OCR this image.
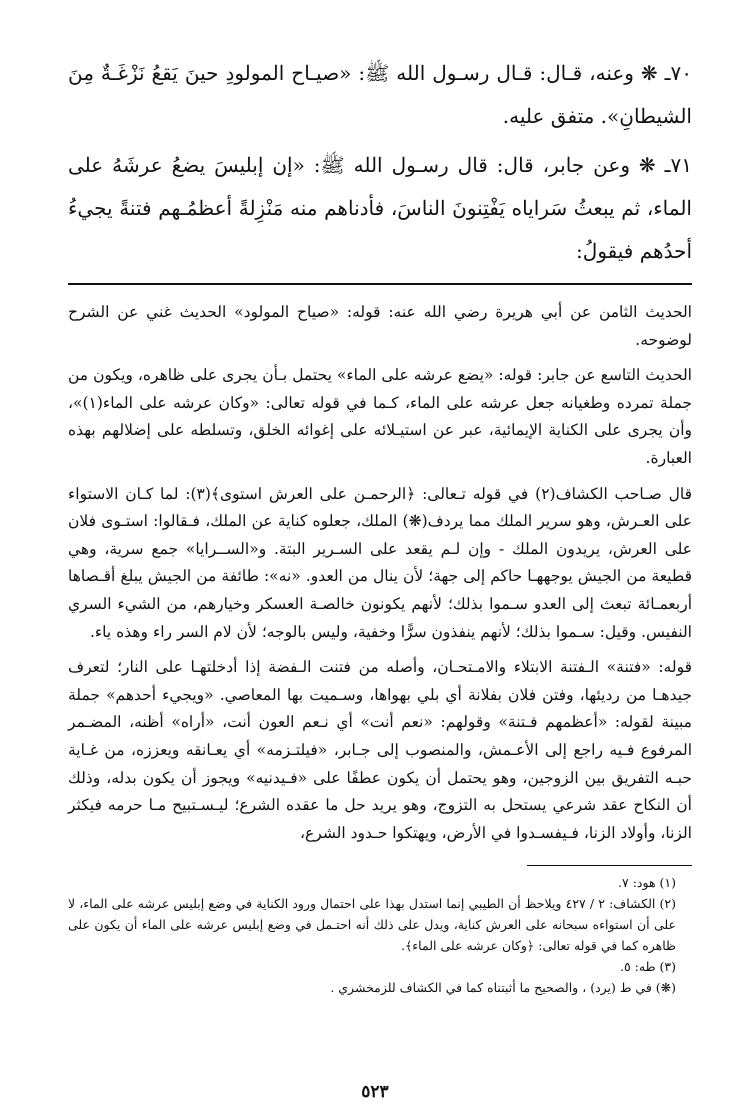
٧٠ـ ❋ وعنه، قـال: قـال رسـول الله ﷺ: «صيـاح المولودِ حينَ يَقعُ نَزْغَـةٌ مِنَ الشيطانِ». متفق عليه.

٧١ـ ❋ وعن جابر، قال: قال رسـول الله ﷺ: «إن إبليسَ يضعُ عرشَهُ على الماء، ثم يبعثُ سَراياه يَفْتِنونَ الناسَ، فأدناهم منه مَنْزِلةً أعظمُـهم فتنةً يجيءُ أحدُهم فيقولُ:

الحديث الثامن عن أبي هريرة رضي الله عنه: قوله: «صياح المولود» الحديث غني عن الشرح لوضوحه.

الحديث التاسع عن جابر: قوله: «يضع عرشه على الماء» يحتمل بـأن يجرى على ظاهره، ويكون من جملة تمرده وطغيانه جعل عرشه على الماء، كـما في قوله تعالى: «وكان عرشه على الماء(١)»، وأن يجرى على الكناية الإيمائية، عبر عن استيـلائه على إغوائه الخلق، وتسلطه على إضلالهم بهذه العبارة.

قال صـاحب الكشاف(٢) في قوله تـعالى: ﴿الرحمـن على العرش استوى﴾(٣): لما كـان الاستواء على العـرش، وهو سرير الملك مما يردف(❋) الملك، جعلوه كناية عن الملك، فـقالوا: استـوى فلان على العرش، يريدون الملك - وإن لـم يقعد على السـرير البتة. و«الســرايا» جمع سرية، وهي قطيعة من الجيش يوجههـا حاكم إلى جهة؛ لأن ينال من العدو. «نه»: طائفة من الجيش يبلغ أقـصاها أربعمـائة تبعث إلى العدو سـموا بذلك؛ لأنهم يكونون خالصـة العسكر وخيارهم، من الشيء السري النفيس. وقيل: سـموا بذلك؛ لأنهم ينفذون سرًّا وخفية، وليس بالوجه؛ لأن لام السر راء وهذه ياء.

قوله: «فتنة» الـفتنة الابتلاء والامـتحـان، وأصله من فتنت الـفضة إذا أدخلتهـا على النار؛ لتعرف جيدهـا من رديئها، وفتن فلان بفلانة أي بلي بهواها، وسـميت بها المعاصي. «ويجيء أحدهم» جملة مبينة لقوله: «أعظمهم فـتنة» وقولهم: «نعم أنت» أي نـعم العون أنت، «أراه» أظنه، المضـمر المرفوع فـيه راجع إلى الأعـمش، والمنصوب إلى جـابر، «فيلتـزمه» أي يعـانقه ويعززه، من غـاية حبـه التفريق بين الزوجين، وهو يحتمل أن يكون عطفًا على «فـيدنيه» ويجوز أن يكون بدله، وذلك أن النكاح عقد شرعي يستحل به التزوج، وهو يريد حل ما عقده الشرع؛ ليـسـتبيح مـا حرمه فيكثر الزنا، وأولاد الزنا، فـيفسـدوا في الأرض، ويهتكوا حـدود الشرع،

(١) هود: ٧.

(٢) الكشاف: ٢ / ٤٢٧ ويلاحظ أن الطيبي إنما استدل بهذا على احتمال ورود الكناية في وضع إبليس عرشه على الماء، لا على أن استواءه سبحانه على العرش كناية، ويدل على ذلك أنه احتـمل في وضع إبليس عرشه على الماء أن يكون على ظاهره كما في قوله تعالى: ﴿وكان عرشه على الماء﴾.

(٣) طه: ٥.

(❋) في ط (يرد) ، والصحيح ما أثبتناه كما في الكشاف للزمخشري .

٥٢٣
